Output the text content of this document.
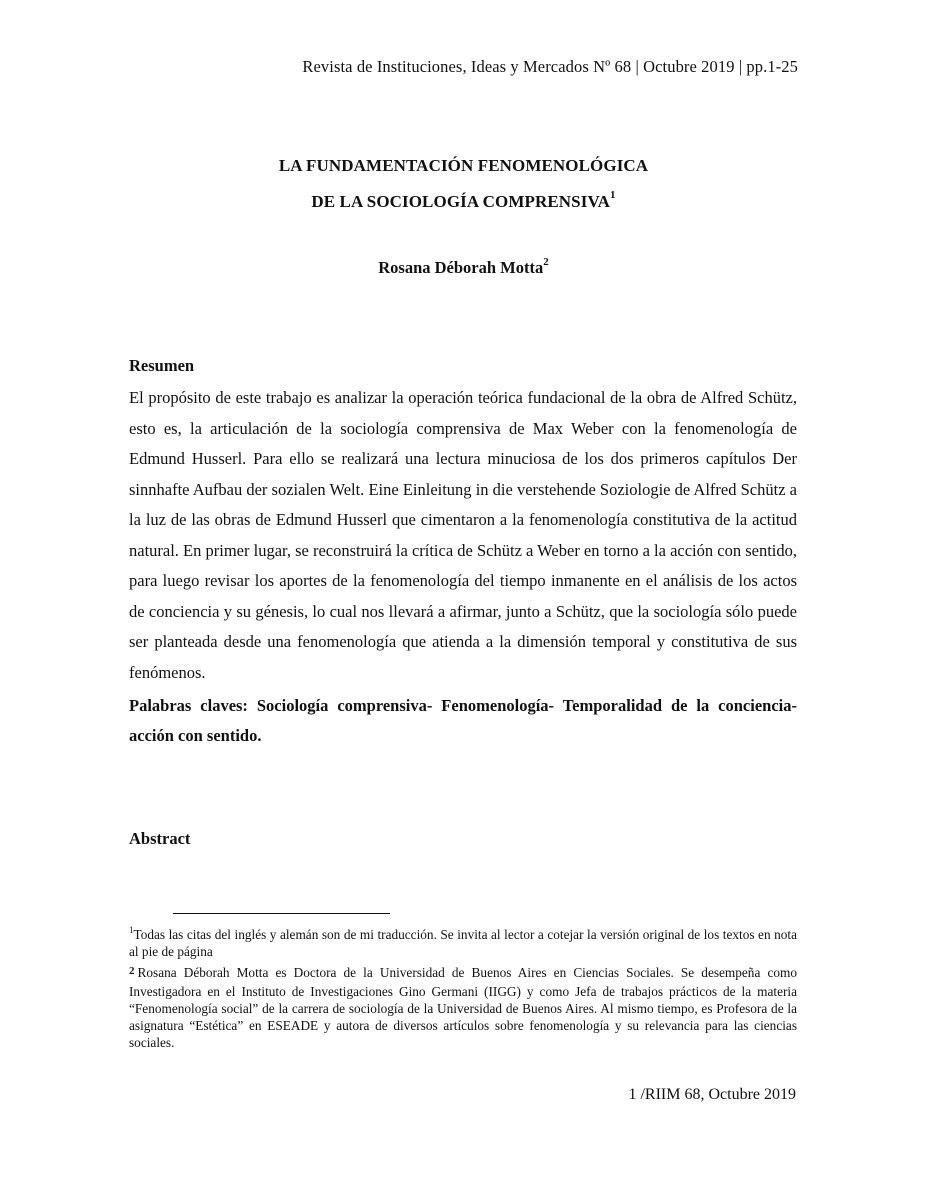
Revista de Instituciones, Ideas y Mercados Nº 68 | Octubre 2019 | pp.1-25
LA FUNDAMENTACIÓN FENOMENOLÓGICA
DE LA SOCIOLOGÍA COMPRENSIVA$^1$
Rosana Déborah Motta$^2$
Resumen
El propósito de este trabajo es analizar la operación teórica fundacional de la obra de Alfred Schütz, esto es, la articulación de la sociología comprensiva de Max Weber con la fenomenología de Edmund Husserl. Para ello se realizará una lectura minuciosa de los dos primeros capítulos Der sinnhafte Aufbau der sozialen Welt. Eine Einleitung in die verstehende Soziologie de Alfred Schütz a la luz de las obras de Edmund Husserl que cimentaron a la fenomenología constitutiva de la actitud natural. En primer lugar, se reconstruirá la crítica de Schütz a Weber en torno a la acción con sentido, para luego revisar los aportes de la fenomenología del tiempo inmanente en el análisis de los actos de conciencia y su génesis, lo cual nos llevará a afirmar, junto a Schütz, que la sociología sólo puede ser planteada desde una fenomenología que atienda a la dimensión temporal y constitutiva de sus fenómenos.
Palabras claves: Sociología comprensiva- Fenomenología- Temporalidad de la conciencia- acción con sentido.
Abstract

$^1$Todas las citas del inglés y alemán son de mi traducción. Se invita al lector a cotejar la versión original de los textos en nota al pie de página

$^2$ Rosana Déborah Motta es Doctora de la Universidad de Buenos Aires en Ciencias Sociales. Se desempeña como Investigadora en el Instituto de Investigaciones Gino Germani (IIGG) y como Jefa de trabajos prácticos de la materia “Fenomenología social” de la carrera de sociología de la Universidad de Buenos Aires. Al mismo tiempo, es Profesora de la asignatura “Estética” en ESEADE y autora de diversos artículos sobre fenomenología y su relevancia para las ciencias sociales.

1 /RIIM 68, Octubre 2019
